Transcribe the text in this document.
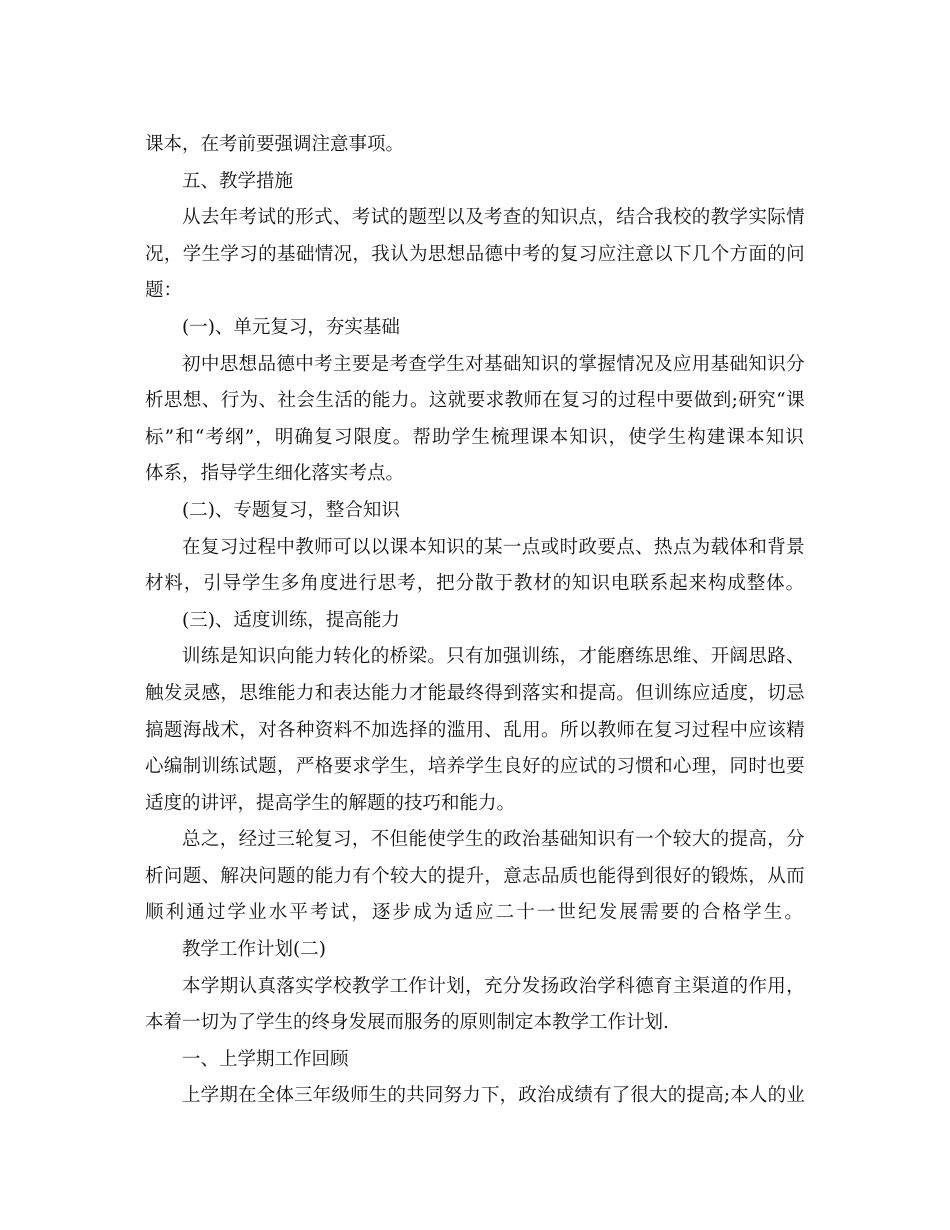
课本，在考前要强调注意事项。
五、教学措施
从去年考试的形式、考试的题型以及考查的知识点，结合我校的教学实际情
况，学生学习的基础情况，我认为思想品德中考的复习应注意以下几个方面的问
题：
(一)、单元复习，夯实基础
初中思想品德中考主要是考查学生对基础知识的掌握情况及应用基础知识分
析思想、行为、社会生活的能力。这就要求教师在复习的过程中要做到;研究“课
标”和“考纲”，明确复习限度。帮助学生梳理课本知识，使学生构建课本知识
体系，指导学生细化落实考点。
(二)、专题复习，整合知识
在复习过程中教师可以以课本知识的某一点或时政要点、热点为载体和背景
材料，引导学生多角度进行思考，把分散于教材的知识电联系起来构成整体。
(三)、适度训练，提高能力
训练是知识向能力转化的桥梁。只有加强训练，才能磨练思维、开阔思路、
触发灵感，思维能力和表达能力才能最终得到落实和提高。但训练应适度，切忌
搞题海战术，对各种资料不加选择的滥用、乱用。所以教师在复习过程中应该精
心编制训练试题，严格要求学生，培养学生良好的应试的习惯和心理，同时也要
适度的讲评，提高学生的解题的技巧和能力。
总之，经过三轮复习，不但能使学生的政治基础知识有一个较大的提高，分
析问题、解决问题的能力有个较大的提升，意志品质也能得到很好的锻炼，从而
顺利通过学业水平考试，逐步成为适应二十一世纪发展需要的合格学生。
教学工作计划(二)
本学期认真落实学校教学工作计划，充分发扬政治学科德育主渠道的作用，
本着一切为了学生的终身发展而服务的原则制定本教学工作计划.
一、上学期工作回顾
上学期在全体三年级师生的共同努力下，政治成绩有了很大的提高;本人的业
